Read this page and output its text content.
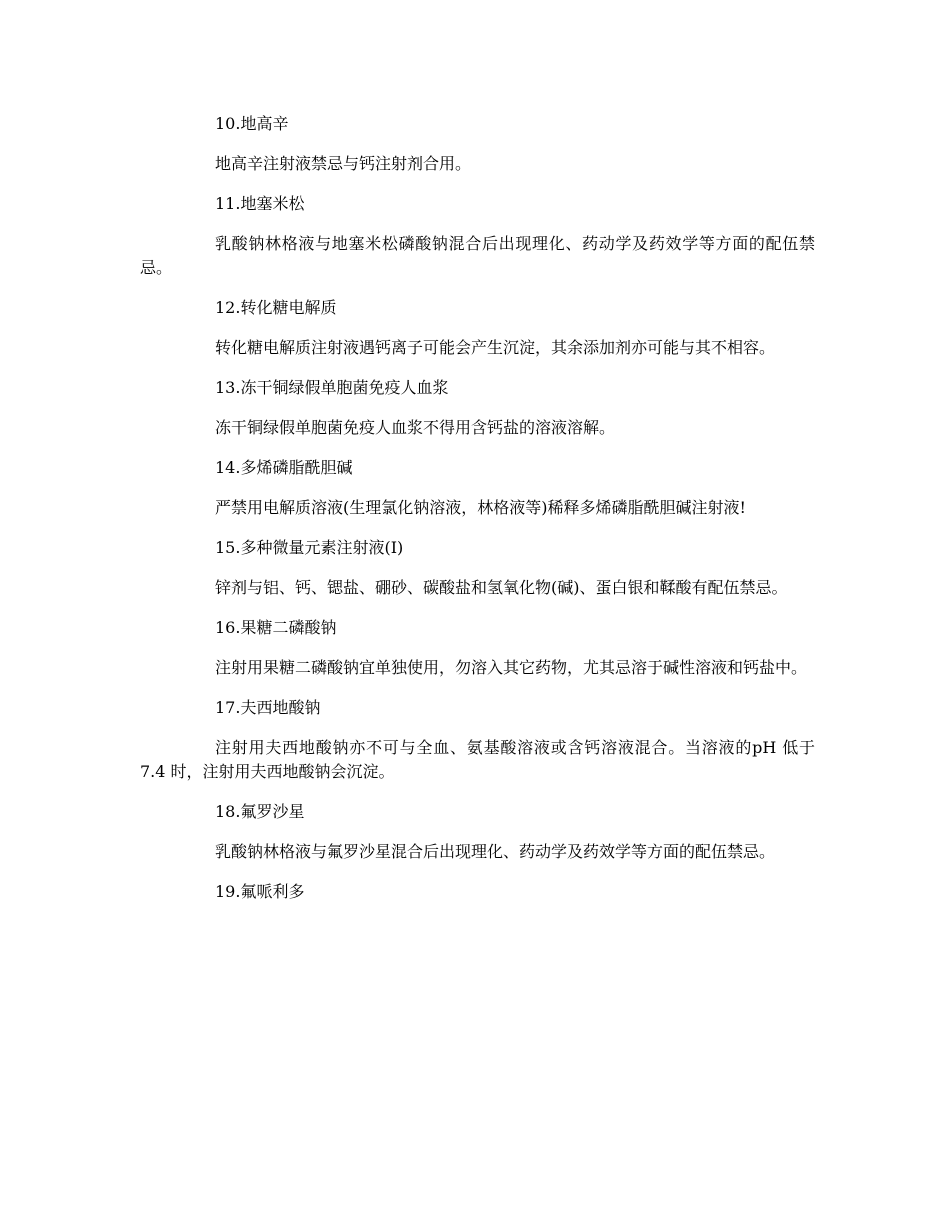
10.地高辛

地高辛注射液禁忌与钙注射剂合用。

11.地塞米松

乳酸钠林格液与地塞米松磷酸钠混合后出现理化、药动学及药效学等方面的配伍禁忌。

12.转化糖电解质

转化糖电解质注射液遇钙离子可能会产生沉淀，其余添加剂亦可能与其不相容。

13.冻干铜绿假单胞菌免疫人血浆

冻干铜绿假单胞菌免疫人血浆不得用含钙盐的溶液溶解。

14.多烯磷脂酰胆碱

严禁用电解质溶液(生理氯化钠溶液，林格液等)稀释多烯磷脂酰胆碱注射液!

15.多种微量元素注射液(Ⅰ)

锌剂与铝、钙、锶盐、硼砂、碳酸盐和氢氧化物(碱)、蛋白银和鞣酸有配伍禁忌。

16.果糖二磷酸钠

注射用果糖二磷酸钠宜单独使用，勿溶入其它药物，尤其忌溶于碱性溶液和钙盐中。

17.夫西地酸钠

注射用夫西地酸钠亦不可与全血、氨基酸溶液或含钙溶液混合。当溶液的pH 低于 7.4 时，注射用夫西地酸钠会沉淀。

18.氟罗沙星

乳酸钠林格液与氟罗沙星混合后出现理化、药动学及药效学等方面的配伍禁忌。

19.氟哌利多
